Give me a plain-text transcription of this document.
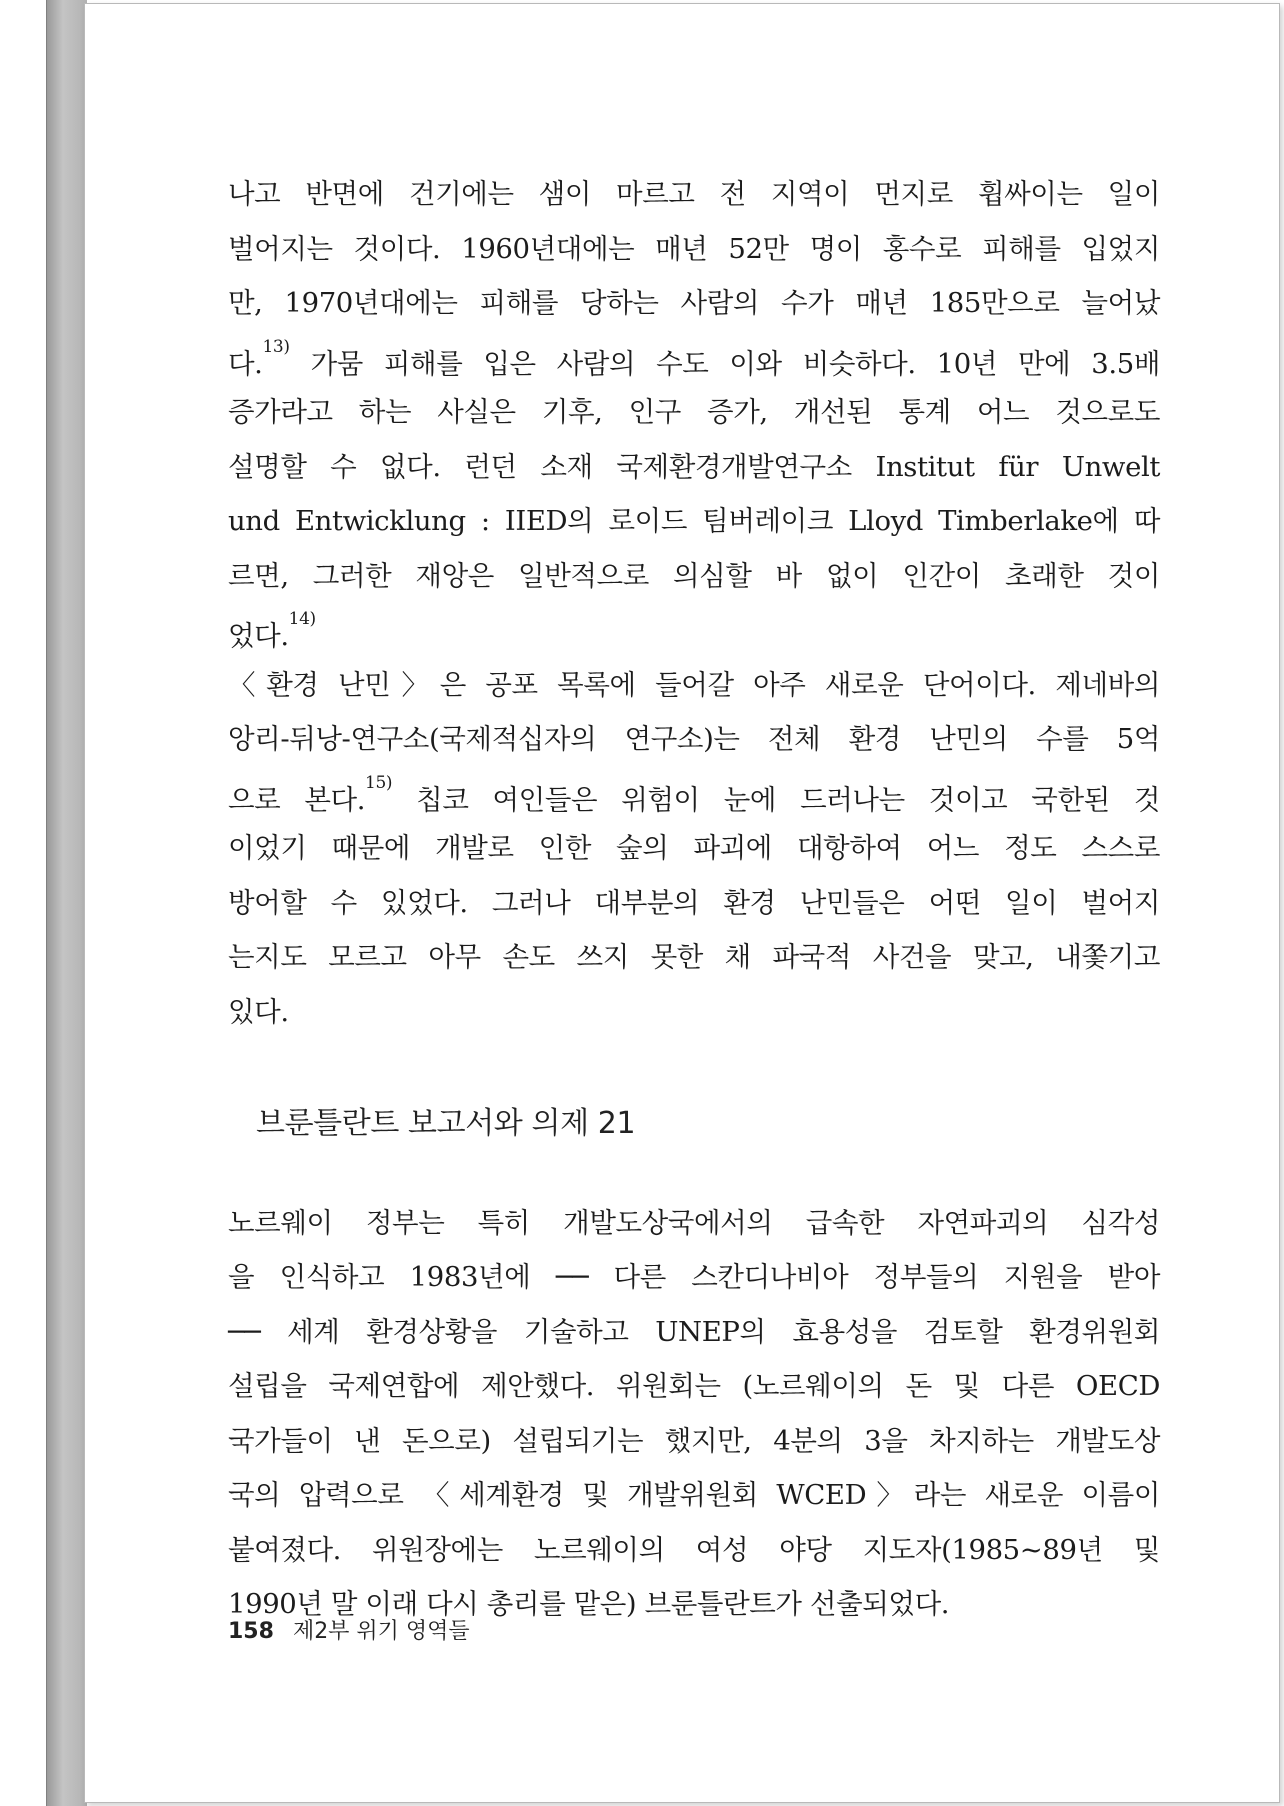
나고 반면에 건기에는 샘이 마르고 전 지역이 먼지로 휩싸이는 일이
벌어지는 것이다. 1960년대에는 매년 52만 명이 홍수로 피해를 입었지
만, 1970년대에는 피해를 당하는 사람의 수가 매년 185만으로 늘어났
다.$^{13)}$ 가뭄 피해를 입은 사람의 수도 이와 비슷하다. 10년 만에 3.5배
증가라고 하는 사실은 기후, 인구 증가, 개선된 통계 어느 것으로도
설명할 수 없다. 런던 소재 국제환경개발연구소 Institut für Unwelt
und Entwicklung : IIED의 로이드 팀버레이크 Lloyd Timberlake에 따
르면, 그러한 재앙은 일반적으로 의심할 바 없이 인간이 초래한 것이
었다.$^{14)}$
〈환경 난민〉은 공포 목록에 들어갈 아주 새로운 단어이다. 제네바의
앙리-뒤낭-연구소(국제적십자의 연구소)는 전체 환경 난민의 수를 5억
으로 본다.$^{15)}$ 칩코 여인들은 위험이 눈에 드러나는 것이고 국한된 것
이었기 때문에 개발로 인한 숲의 파괴에 대항하여 어느 정도 스스로
방어할 수 있었다. 그러나 대부분의 환경 난민들은 어떤 일이 벌어지
는지도 모르고 아무 손도 쓰지 못한 채 파국적 사건을 맞고, 내쫓기고
있다.
브룬틀란트 보고서와 의제 21
노르웨이 정부는 특히 개발도상국에서의 급속한 자연파괴의 심각성
을 인식하고 1983년에 ── 다른 스칸디나비아 정부들의 지원을 받아
── 세계 환경상황을 기술하고 UNEP의 효용성을 검토할 환경위원회
설립을 국제연합에 제안했다. 위원회는 (노르웨이의 돈 및 다른 OECD
국가들이 낸 돈으로) 설립되기는 했지만, 4분의 3을 차지하는 개발도상
국의 압력으로 〈세계환경 및 개발위원회 WCED〉라는 새로운 이름이
붙여졌다. 위원장에는 노르웨이의 여성 야당 지도자(1985~89년 및
1990년 말 이래 다시 총리를 맡은) 브룬틀란트가 선출되었다.
158 제2부 위기 영역들
